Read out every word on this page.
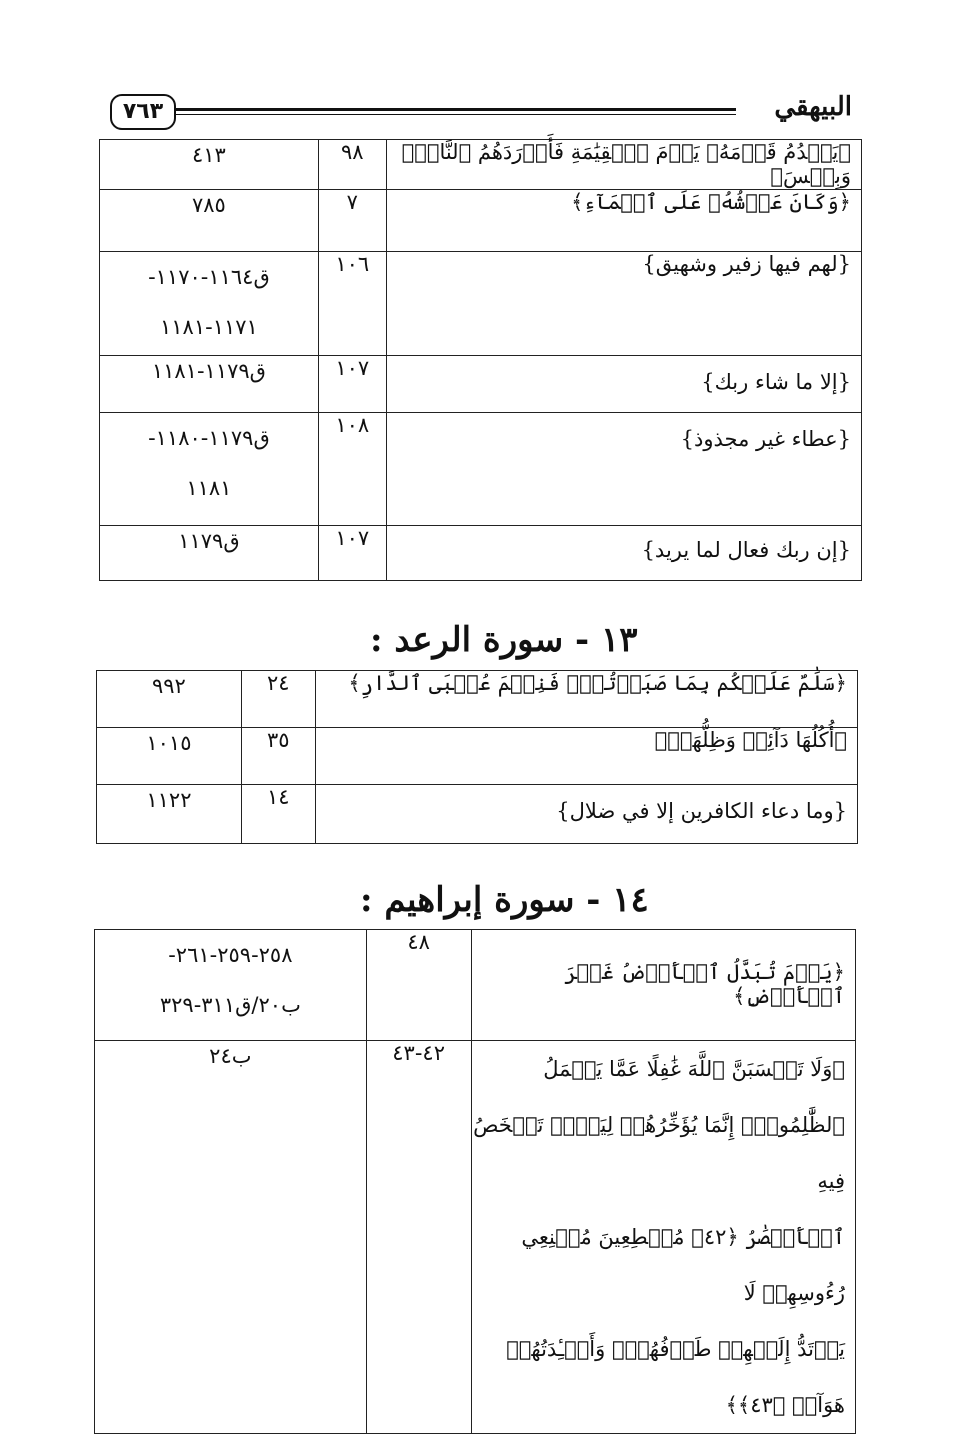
٧٦٣	البيهقي
﴿يَقۡدُمُ قَوۡمَهُۥ يَوۡمَ ٱلۡقِيَٰمَةِ فَأَوۡرَدَهُمُ ٱلنَّارَۖ وَبِئۡسَ﴾	٩٨	٤١٣
﴿وَكَانَ عَرۡشُهُۥ عَلَى ٱلۡمَآءِ﴾	٧	٧٨٥
{لهم فيها زفير وشهيق}	١٠٦	ق١١٦٤-١١٧٠-
١١٧١-١١٨١

{إلا ما شاء ربك}	١٠٧	ق١١٧٩-١١٨١
{عطاء غير مجذوذ}	١٠٨	ق١١٧٩-١١٨٠-
١١٨١

{إن ربك فعال لما يريد}	١٠٧	ق١١٧٩
١٣ - سورة الرعد :
﴿سَلَٰمٌ عَلَيۡكُم بِمَا صَبَرۡتُمۡۚ فَنِعۡمَ عُقۡبَى ٱلدَّارِ﴾	٢٤	٩٩٢
﴿أُكُلُهَا دَآئِمٞ وَظِلُّهَاۚ﴾	٣٥	١٠١٥
{وما دعاء الكافرين إلا في ضلال}	١٤	١١٢٢
١٤ - سورة إبراهيم :
﴿يَوۡمَ تُبَدَّلُ ٱلۡأَرۡضُ غَيۡرَ ٱلۡأَرۡضِ﴾	٤٨	٢٥٨-٢٥٩-٢٦١-
ب٢٠/ق٣١١-٣٢٩

﴿وَلَا تَحۡسَبَنَّ ٱللَّهَ غَٰفِلًا عَمَّا يَعۡمَلُ
ٱلظَّٰلِمُونَۚ إِنَّمَا يُؤَخِّرُهُمۡ لِيَوۡمٖ تَشۡخَصُ فِيهِ
ٱلۡأَبۡصَٰرُ ﴿٤٢﴾ مُهۡطِعِينَ مُقۡنِعِي رُءُوسِهِمۡ لَا
يَرۡتَدُّ إِلَيۡهِمۡ طَرۡفُهُمۡۖ وَأَفۡـِٔدَتُهُمۡ هَوَآءٞ ﴿٤٣﴾﴾	٤٢-٤٣	ب٢٤
